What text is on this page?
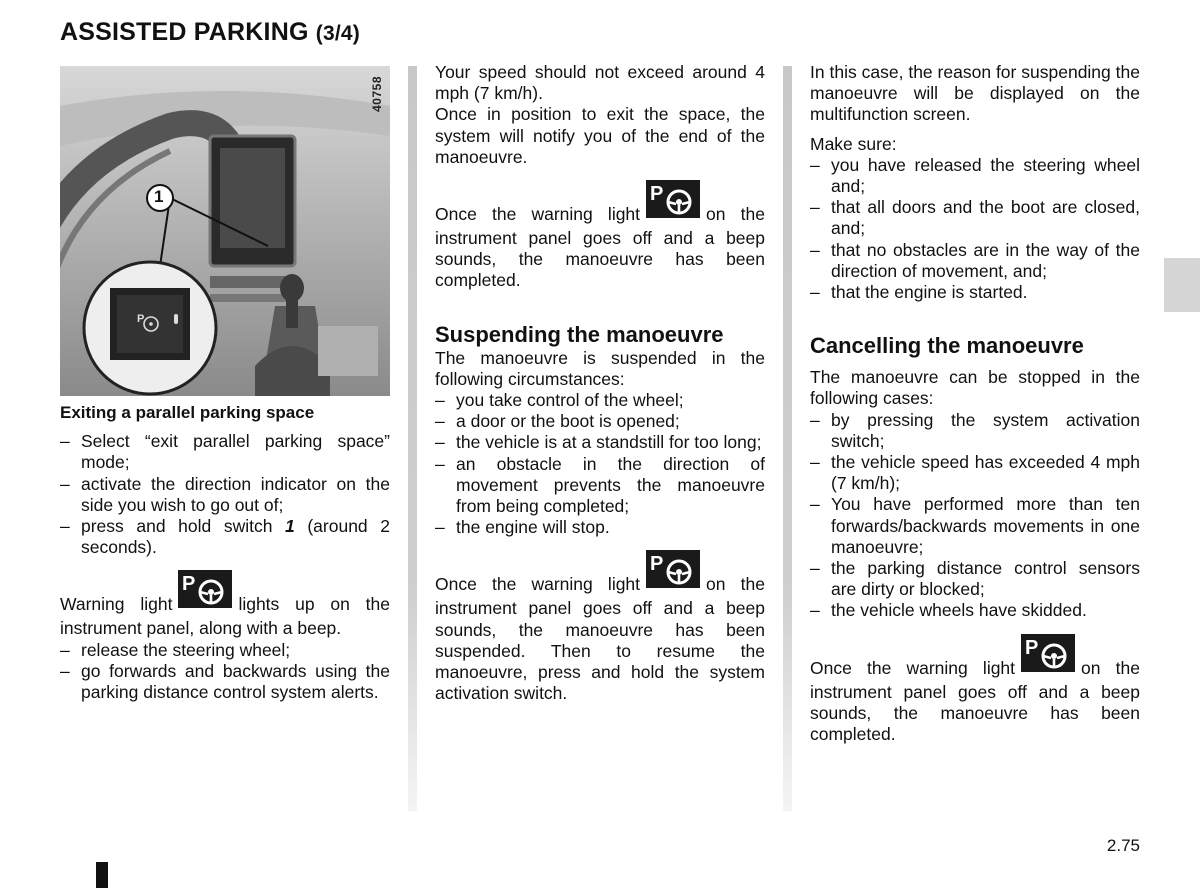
ASSISTED PARKING (3/4)
40758
1
P

Exiting a parallel parking space

– Select “exit parallel parking space” mode;
– activate the direction indicator on the side you wish to go out of;
– press and hold switch 1 (around 2 seconds).

Warning light
P
lights up on the instrument panel, along with a beep.

– release the steering wheel;
– go forwards and backwards using the parking distance control system alerts.

Your speed should not exceed around 4 mph (7 km/h).

Once in position to exit the space, the system will notify you of the end of the manoeuvre.

Once the warning light
P
on the instrument panel goes off and a beep sounds, the manoeuvre has been completed.

Suspending the manoeuvre

The manoeuvre is suspended in the following circumstances:

– you take control of the wheel;
– a door or the boot is opened;
– the vehicle is at a standstill for too long;
– an obstacle in the direction of movement prevents the manoeuvre from being completed;
– the engine will stop.

Once the warning light
P
on the instrument panel goes off and a beep sounds, the manoeuvre has been suspended. Then to resume the manoeuvre, press and hold the system activation switch.

In this case, the reason for suspending the manoeuvre will be displayed on the multifunction screen.

Make sure:

– you have released the steering wheel and;
– that all doors and the boot are closed, and;
– that no obstacles are in the way of the direction of movement, and;
– that the engine is started.
Cancelling the manoeuvre

The manoeuvre can be stopped in the following cases:

– by pressing the system activation switch;
– the vehicle speed has exceeded 4 mph (7 km/h);
– You have performed more than ten forwards/backwards movements in one manoeuvre;
– the parking distance control sensors are dirty or blocked;
– the vehicle wheels have skidded.

Once the warning light
P
on the instrument panel goes off and a beep sounds, the manoeuvre has been completed.

2.75
